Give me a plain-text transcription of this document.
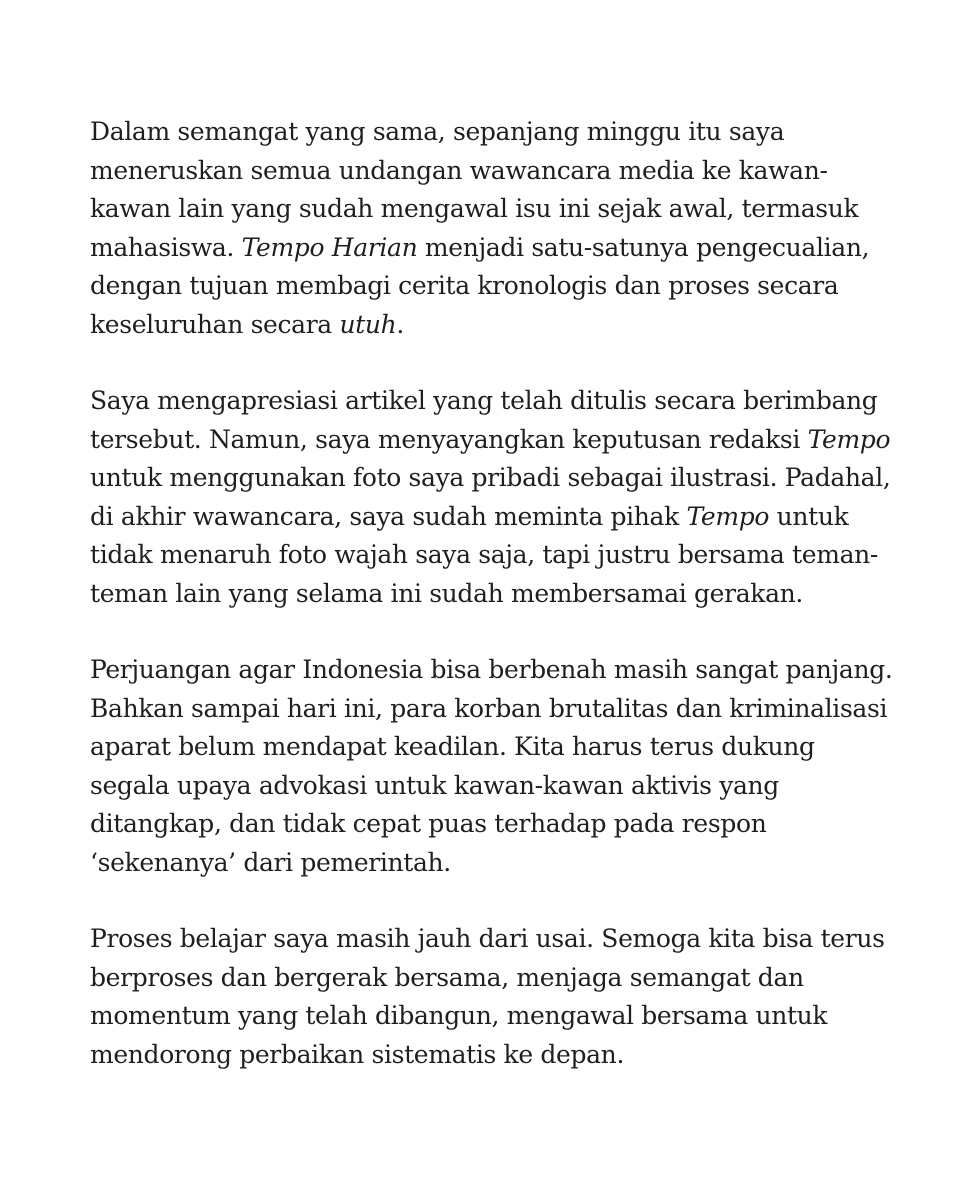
Dalam semangat yang sama, sepanjang minggu itu saya
meneruskan semua undangan wawancara media ke kawan-
kawan lain yang sudah mengawal isu ini sejak awal, termasuk
mahasiswa. Tempo Harian menjadi satu-satunya pengecualian,
dengan tujuan membagi cerita kronologis dan proses secara
keseluruhan secara utuh.

Saya mengapresiasi artikel yang telah ditulis secara berimbang
tersebut. Namun, saya menyayangkan keputusan redaksi Tempo
untuk menggunakan foto saya pribadi sebagai ilustrasi. Padahal,
di akhir wawancara, saya sudah meminta pihak Tempo untuk
tidak menaruh foto wajah saya saja, tapi justru bersama teman-
teman lain yang selama ini sudah membersamai gerakan.

Perjuangan agar Indonesia bisa berbenah masih sangat panjang.
Bahkan sampai hari ini, para korban brutalitas dan kriminalisasi
aparat belum mendapat keadilan. Kita harus terus dukung
segala upaya advokasi untuk kawan-kawan aktivis yang
ditangkap, dan tidak cepat puas terhadap pada respon
‘sekenanya’ dari pemerintah.

Proses belajar saya masih jauh dari usai. Semoga kita bisa terus
berproses dan bergerak bersama, menjaga semangat dan
momentum yang telah dibangun, mengawal bersama untuk
mendorong perbaikan sistematis ke depan.
